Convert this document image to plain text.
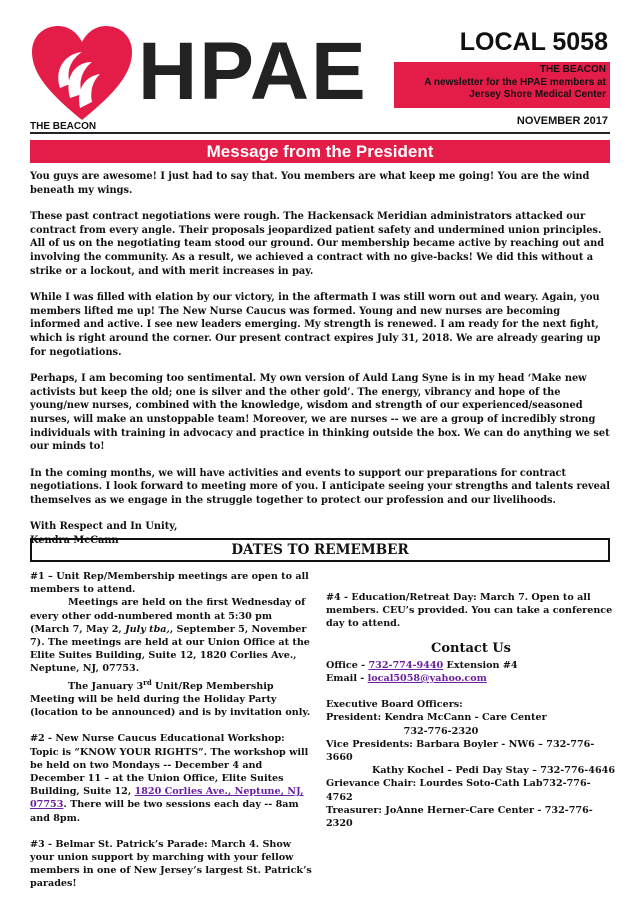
HPAE
THE BEACON
LOCAL 5058
THE BEACON
A newsletter for the HPAE members at
Jersey Shore Medical Center
NOVEMBER 2017
Message from the President

You guys are awesome! I just had to say that. You members are what keep me going! You are the wind beneath my wings.

These past contract negotiations were rough. The Hackensack Meridian administrators attacked our contract from every angle. Their proposals jeopardized patient safety and undermined union principles. All of us on the negotiating team stood our ground. Our membership became active by reaching out and involving the community. As a result, we achieved a contract with no give-backs! We did this without a strike or a lockout, and with merit increases in pay.

While I was filled with elation by our victory, in the aftermath I was still worn out and weary. Again, you members lifted me up! The New Nurse Caucus was formed. Young and new nurses are becoming informed and active. I see new leaders emerging. My strength is renewed. I am ready for the next fight, which is right around the corner. Our present contract expires July 31, 2018. We are already gearing up for negotiations.

Perhaps, I am becoming too sentimental. My own version of Auld Lang Syne is in my head ‘Make new activists but keep the old; one is silver and the other gold’. The energy, vibrancy and hope of the young/new nurses, combined with the knowledge, wisdom and strength of our experienced/seasoned nurses, will make an unstoppable team! Moreover, we are nurses -- we are a group of incredibly strong individuals with training in advocacy and practice in thinking outside the box. We can do anything we set our minds to!

In the coming months, we will have activities and events to support our preparations for contract negotiations. I look forward to meeting more of you. I anticipate seeing your strengths and talents reveal themselves as we engage in the struggle together to protect our profession and our livelihoods.

With Respect and In Unity,
Kendra McCann
DATES TO REMEMBER
#1 – Unit Rep/Membership meetings are open to all members to attend.
Meetings are held on the first Wednesday of every other odd-numbered month at 5:30 pm (March 7, May 2, July tba,, September 5, November 7). The meetings are held at our Union Office at the Elite Suites Building, Suite 12, 1820 Corlies Ave., Neptune, NJ, 07753.

The January 3rd Unit/Rep Membership Meeting will be held during the Holiday Party (location to be announced) and is by invitation only.

#2 - New Nurse Caucus Educational Workshop: Topic is “KNOW YOUR RIGHTS”. The workshop will be held on two Mondays -- December 4 and December 11 – at the Union Office, Elite Suites Building, Suite 12, 1820 Corlies Ave., Neptune, NJ, 07753. There will be two sessions each day -- 8am and 8pm.

#3 - Belmar St. Patrick’s Parade: March 4. Show your union support by marching with your fellow members in one of New Jersey’s largest St. Patrick’s parades!

#4 - Education/Retreat Day: March 7. Open to all members. CEU’s provided. You can take a conference day to attend.

Contact Us

Office - 732-774-9440 Extension #4

Email - local5058@yahoo.com

Executive Board Officers:

President: Kendra McCann - Care Center

732-776-2320

Vice Presidents: Barbara Boyler - NW6 – 732-776-3660

Kathy Kochel – Pedi Day Stay – 732-776-4646

Grievance Chair: Lourdes Soto-Cath Lab732-776-4762

Treasurer: JoAnne Herner-Care Center - 732-776-2320
